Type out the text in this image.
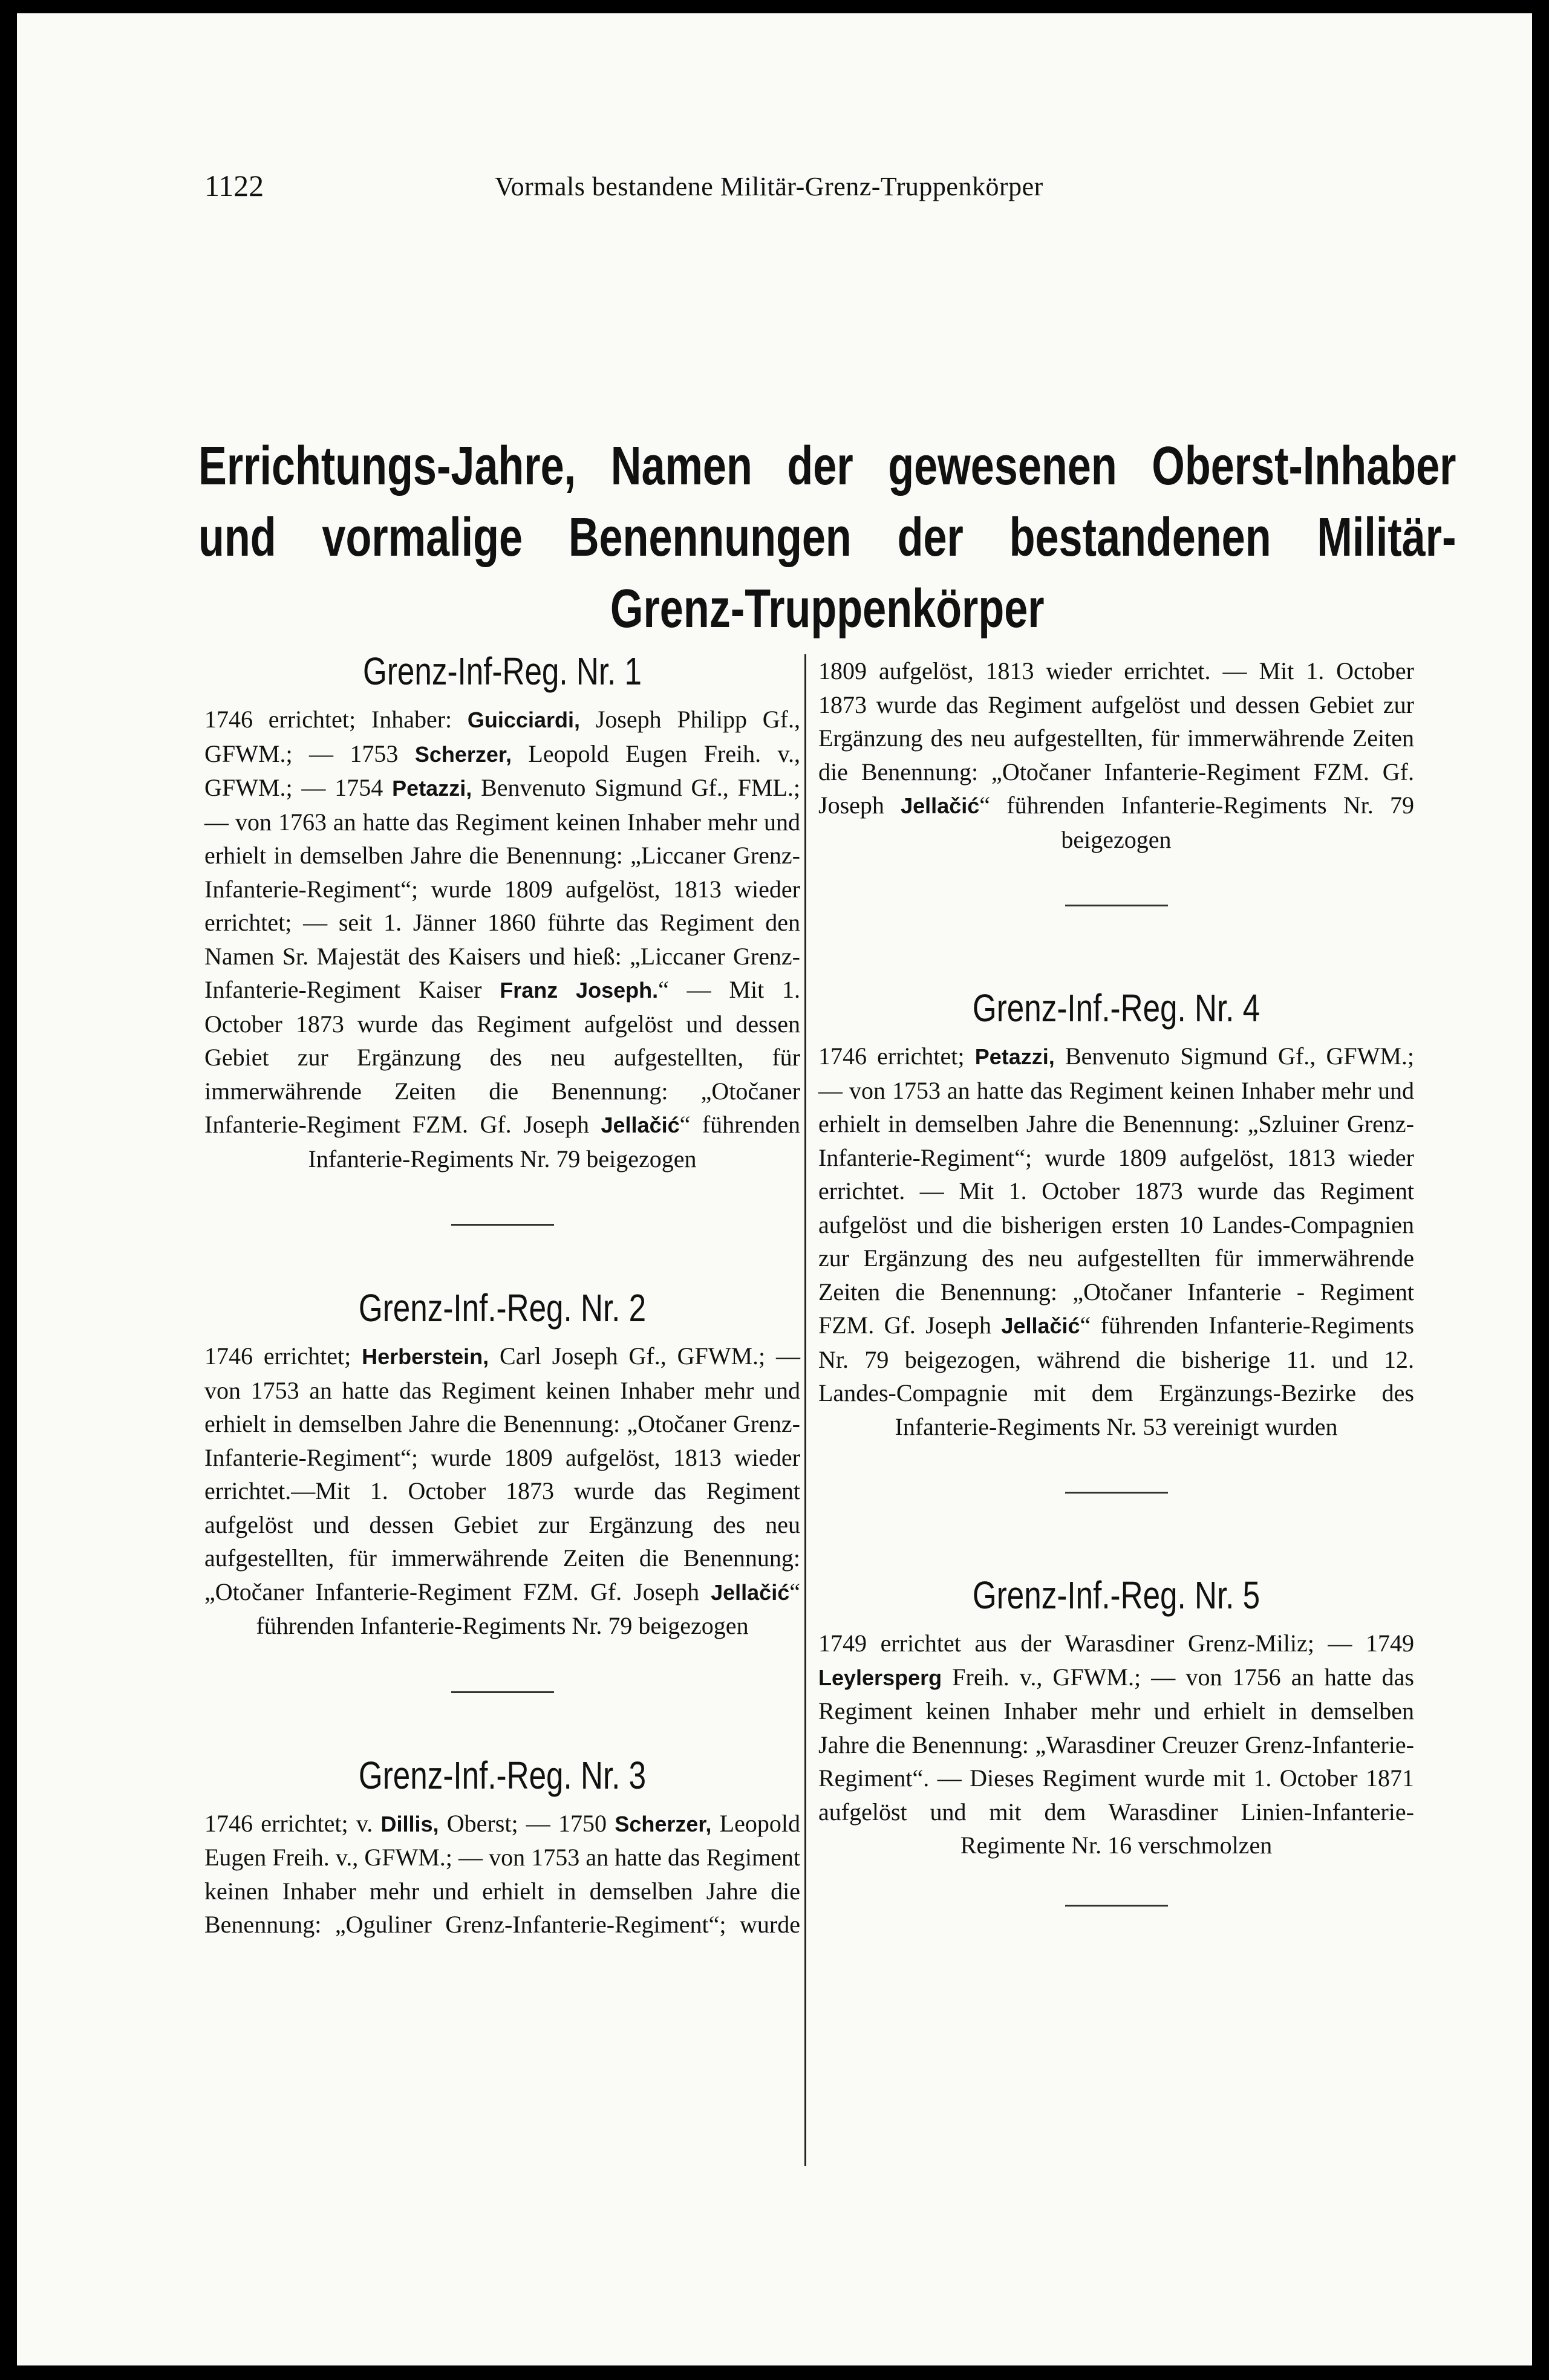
1122	Vormals bestandene Militär-Grenz-Truppenkörper
Errichtungs-Jahre, Namen der gewesenen Oberst-Inhaber
und vormalige Benennungen der bestandenen Militär-
Grenz-Truppenkörper
Grenz-Inf-Reg. Nr. 1

1746 errichtet; Inhaber: Guicciardi, Joseph Philipp Gf., GFWM.; — 1753 Scherzer, Leopold Eugen Freih. v., GFWM.; — 1754 Petazzi, Benvenuto Sigmund Gf., FML.; — von 1763 an hatte das Regiment keinen Inhaber mehr und erhielt in demselben Jahre die Benennung: „Liccaner Grenz-Infanterie-Regiment“; wurde 1809 aufgelöst, 1813 wieder errichtet; — seit 1. Jänner 1860 führte das Regiment den Namen Sr. Majestät des Kaisers und hieß: „Liccaner Grenz-Infanterie-Regiment Kaiser Franz Joseph.“ — Mit 1. October 1873 wurde das Regiment aufgelöst und dessen Gebiet zur Ergänzung des neu aufgestellten, für immerwährende Zeiten die Benennung: „Otočaner Infanterie-Regiment FZM. Gf. Joseph Jellačić“ führenden Infanterie-Regiments Nr. 79 beigezogen

Grenz-Inf.-Reg. Nr. 2

1746 errichtet; Herberstein, Carl Joseph Gf., GFWM.; — von 1753 an hatte das Regiment keinen Inhaber mehr und erhielt in demselben Jahre die Benennung: „Otočaner Grenz-Infanterie-Regiment“; wurde 1809 aufgelöst, 1813 wieder errichtet.—Mit 1. October 1873 wurde das Regiment aufgelöst und dessen Gebiet zur Ergänzung des neu aufgestellten, für immerwährende Zeiten die Benennung: „Otočaner Infanterie-Regiment FZM. Gf. Joseph Jellačić“ führenden Infanterie-Regiments Nr. 79 beigezogen

Grenz-Inf.-Reg. Nr. 3

1746 errichtet; v. Dillis, Oberst; — 1750 Scherzer, Leopold Eugen Freih. v., GFWM.; — von 1753 an hatte das Regiment keinen Inhaber mehr und erhielt in demselben Jahre die Benennung: „Oguliner Grenz-Infanterie-Regiment“; wurde

1809 aufgelöst, 1813 wieder errichtet. — Mit 1. October 1873 wurde das Regiment aufgelöst und dessen Gebiet zur Ergänzung des neu aufgestellten, für immerwährende Zeiten die Benennung: „Otočaner Infanterie-Regiment FZM. Gf. Joseph Jellačić“ führenden Infanterie-Regiments Nr. 79 beigezogen

Grenz-Inf.-Reg. Nr. 4

1746 errichtet; Petazzi, Benvenuto Sigmund Gf., GFWM.; — von 1753 an hatte das Regiment keinen Inhaber mehr und erhielt in demselben Jahre die Benennung: „Szluiner Grenz-Infanterie-Regiment“; wurde 1809 aufgelöst, 1813 wieder errichtet. — Mit 1. October 1873 wurde das Regiment aufgelöst und die bisherigen ersten 10 Landes-Compagnien zur Ergänzung des neu aufgestellten für immerwährende Zeiten die Benennung: „Otočaner Infanterie - Regiment FZM. Gf. Joseph Jellačić“ führenden Infanterie-Regiments Nr. 79 beigezogen, während die bisherige 11. und 12. Landes-Compagnie mit dem Ergänzungs-Bezirke des Infanterie-Regiments Nr. 53 vereinigt wurden

Grenz-Inf.-Reg. Nr. 5

1749 errichtet aus der Warasdiner Grenz-Miliz; — 1749 Leylersperg Freih. v., GFWM.; — von 1756 an hatte das Regiment keinen Inhaber mehr und erhielt in demselben Jahre die Benennung: „Warasdiner Creuzer Grenz-Infanterie-Regiment“. — Dieses Regiment wurde mit 1. October 1871 aufgelöst und mit dem Warasdiner Linien-Infanterie-Regimente Nr. 16 verschmolzen
